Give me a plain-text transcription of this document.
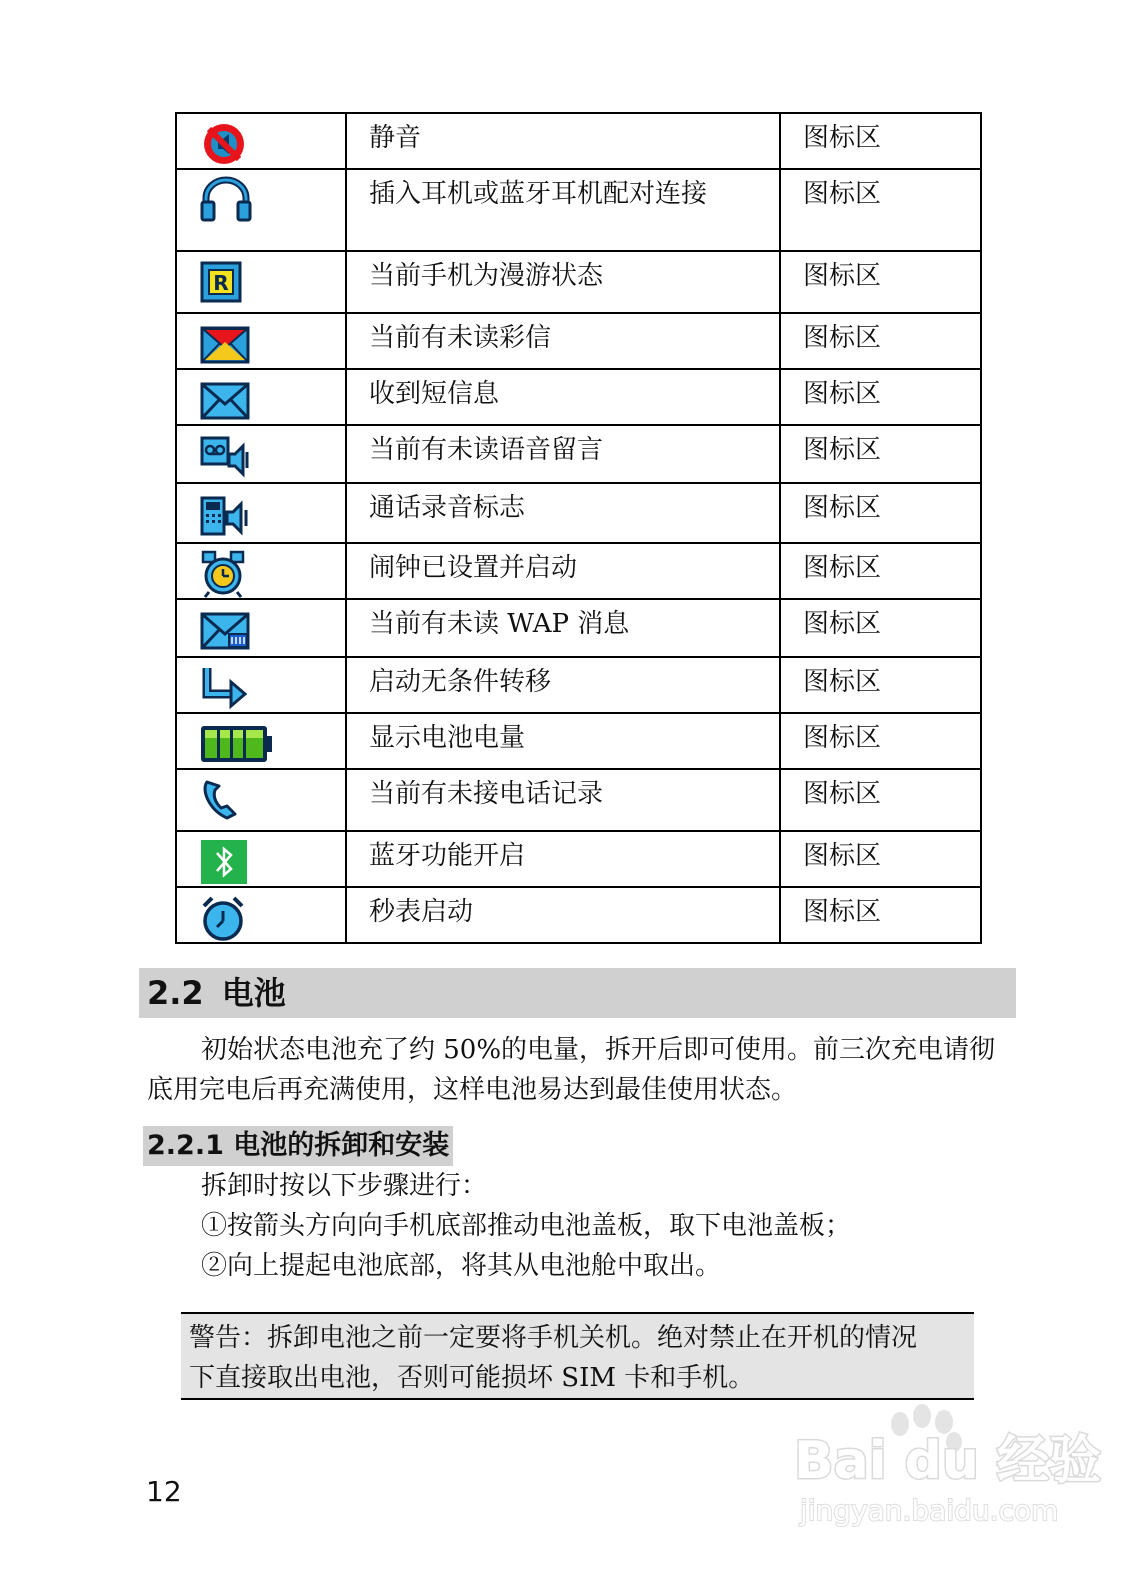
	静音	图标区

	插入耳机或蓝牙耳机配对连接	图标区

R	当前手机为漫游状态	图标区

	当前有未读彩信	图标区

	收到短信息	图标区

	当前有未读语音留言	图标区

	通话录音标志	图标区

	闹钟已设置并启动	图标区

	当前有未读 WAP 消息	图标区

	启动无条件转移	图标区

	显示电池电量	图标区

	当前有未接电话记录	图标区

	蓝牙功能开启	图标区

	秒表启动	图标区
2.2 电池
初始状态电池充了约 50%的电量，拆开后即可使用。前三次充电请彻底用完电后再充满使用，这样电池易达到最佳使用状态。
2.2.1 电池的拆卸和安装
拆卸时按以下步骤进行：
①按箭头方向向手机底部推动电池盖板，取下电池盖板；
②向上提起电池底部，将其从电池舱中取出。
警告：拆卸电池之前一定要将手机关机。绝对禁止在开机的情况
下直接取出电池，否则可能损坏 SIM 卡和手机。
12
Bai du 经验
jingyan.baidu.com
